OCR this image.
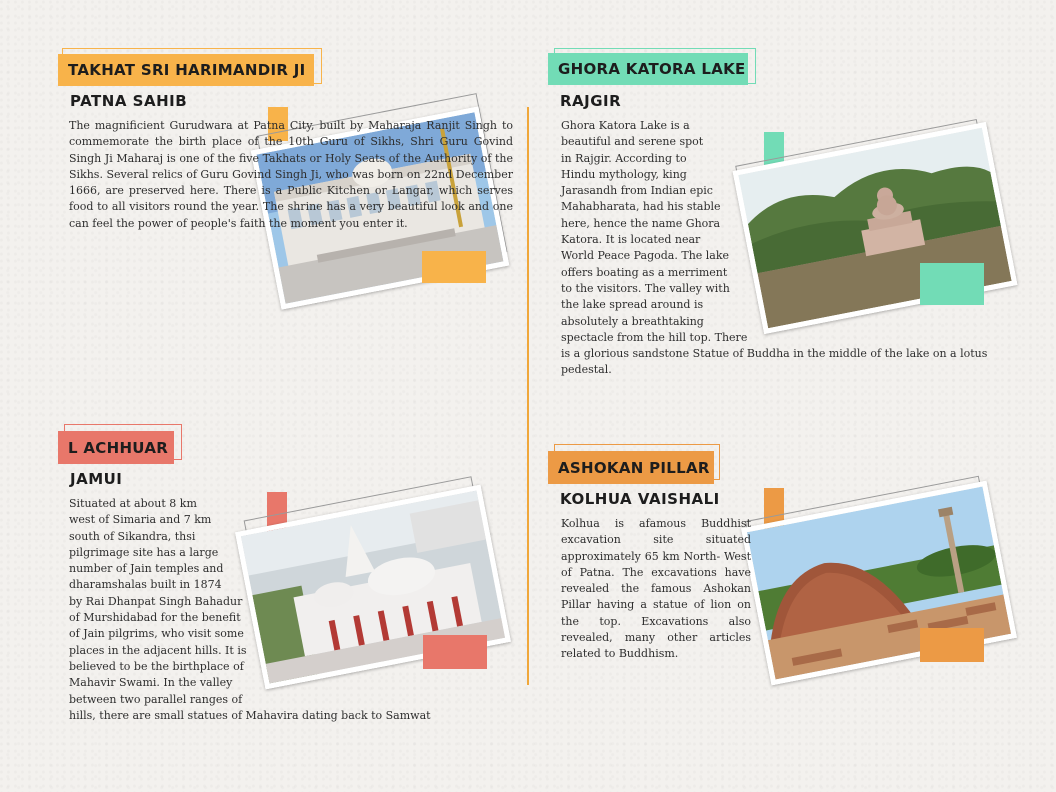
TAKHAT SRI HARIMANDIR JI
PATNA SAHIB
The magnificient Gurudwara at Patna City, built by Maharaja Ranjit Singh to commemorate the birth place of the 10th Guru of Sikhs, Shri Guru Govind Singh Ji Maharaj is one of the five Takhats or Holy Seats of the Authority of the Sikhs. Several relics of Guru Govind Singh Ji, who was born on 22nd December 1666, are preserved here. There is a Public Kitchen or Langar, which serves food to all visitors round the year. The shrine has a very beautiful look and one can feel the power of people's faith the moment you enter it.
GHORA KATORA LAKE
RAJGIR
Ghora Katora Lake is a
beautiful and serene spot
in Rajgir. According to
Hindu mythology, king
Jarasandh from Indian epic
Mahabharata, had his stable
here, hence the name Ghora
Katora. It is located near
World Peace Pagoda. The lake
offers boating as a merriment
to the visitors. The valley with
the lake spread around is
absolutely a breathtaking
spectacle from the hill top. There
is a glorious sandstone Statue of Buddha in the middle of the lake on a lotus
pedestal.
L ACHHUAR
JAMUI
Situated at about 8 km
west of Simaria and 7 km
south of Sikandra, thsi
pilgrimage site has a large
number of Jain temples and
dharamshalas built in 1874
by Rai Dhanpat Singh Bahadur
of Murshidabad for the benefit
of Jain pilgrims, who visit some
places in the adjacent hills. It is
believed to be the birthplace of
Mahavir Swami. In the valley
between two parallel ranges of
hills, there are small statues of Mahavira dating back to Samwat
ASHOKAN PILLAR
KOLHUA VAISHALI
Kolhua is afamous Buddhist excavation site situated approximately 65 km North- West of Patna. The excavations have revealed the famous Ashokan Pillar having a statue of lion on the top. Excavations also revealed, many other articles related to Buddhism.
